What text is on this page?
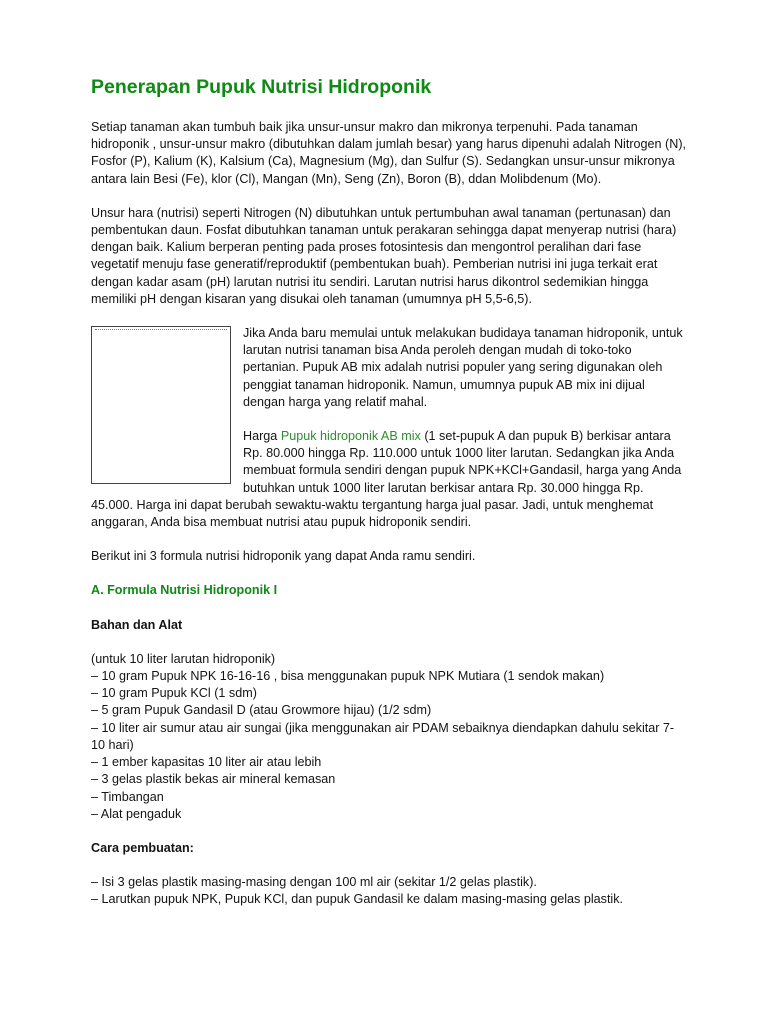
Penerapan Pupuk Nutrisi Hidroponik

Setiap tanaman akan tumbuh baik jika unsur-unsur makro dan mikronya terpenuhi. Pada tanaman hidroponik , unsur-unsur makro (dibutuhkan dalam jumlah besar) yang harus dipenuhi adalah Nitrogen (N), Fosfor (P), Kalium (K), Kalsium (Ca), Magnesium (Mg), dan Sulfur (S). Sedangkan unsur-unsur mikronya antara lain Besi (Fe), klor (Cl), Mangan (Mn), Seng (Zn), Boron (B), ddan Molibdenum (Mo).

Unsur hara (nutrisi) seperti Nitrogen (N) dibutuhkan untuk pertumbuhan awal tanaman (pertunasan) dan pembentukan daun. Fosfat dibutuhkan tanaman untuk perakaran sehingga dapat menyerap nutrisi (hara) dengan baik. Kalium berperan penting pada proses fotosintesis dan mengontrol peralihan dari fase vegetatif menuju fase generatif/reproduktif (pembentukan buah). Pemberian nutrisi ini juga terkait erat dengan kadar asam (pH) larutan nutrisi itu sendiri. Larutan nutrisi harus dikontrol sedemikian hingga memiliki pH dengan kisaran yang disukai oleh tanaman (umumnya pH 5,5-6,5).

Jika Anda baru memulai untuk melakukan budidaya tanaman hidroponik, untuk larutan nutrisi tanaman bisa Anda peroleh dengan mudah di toko-toko pertanian. Pupuk AB mix adalah nutrisi populer yang sering digunakan oleh penggiat tanaman hidroponik. Namun, umumnya pupuk AB mix ini dijual dengan harga yang relatif mahal.

Harga Pupuk hidroponik AB mix (1 set-pupuk A dan pupuk B) berkisar antara Rp. 80.000 hingga Rp. 110.000 untuk 1000 liter larutan. Sedangkan jika Anda membuat formula sendiri dengan pupuk NPK+KCl+Gandasil, harga yang Anda butuhkan untuk 1000 liter larutan berkisar antara Rp. 30.000 hingga Rp. 45.000. Harga ini dapat berubah sewaktu-waktu tergantung harga jual pasar. Jadi, untuk menghemat anggaran, Anda bisa membuat nutrisi atau pupuk hidroponik sendiri.

Berikut ini 3 formula nutrisi hidroponik yang dapat Anda ramu sendiri.

A. Formula Nutrisi Hidroponik I
Bahan dan Alat
(untuk 10 liter larutan hidroponik)
– 10 gram Pupuk NPK 16-16-16 , bisa menggunakan pupuk NPK Mutiara (1 sendok makan)
– 10 gram Pupuk KCl (1 sdm)
– 5 gram Pupuk Gandasil D (atau Growmore hijau) (1/2 sdm)
– 10 liter air sumur atau air sungai (jika menggunakan air PDAM sebaiknya diendapkan dahulu sekitar 7-10 hari)
– 1 ember kapasitas 10 liter air atau lebih
– 3 gelas plastik bekas air mineral kemasan
– Timbangan
– Alat pengaduk
Cara pembuatan:
– Isi 3 gelas plastik masing-masing dengan 100 ml air (sekitar 1/2 gelas plastik).
– Larutkan pupuk NPK, Pupuk KCl, dan pupuk Gandasil ke dalam masing-masing gelas plastik.
